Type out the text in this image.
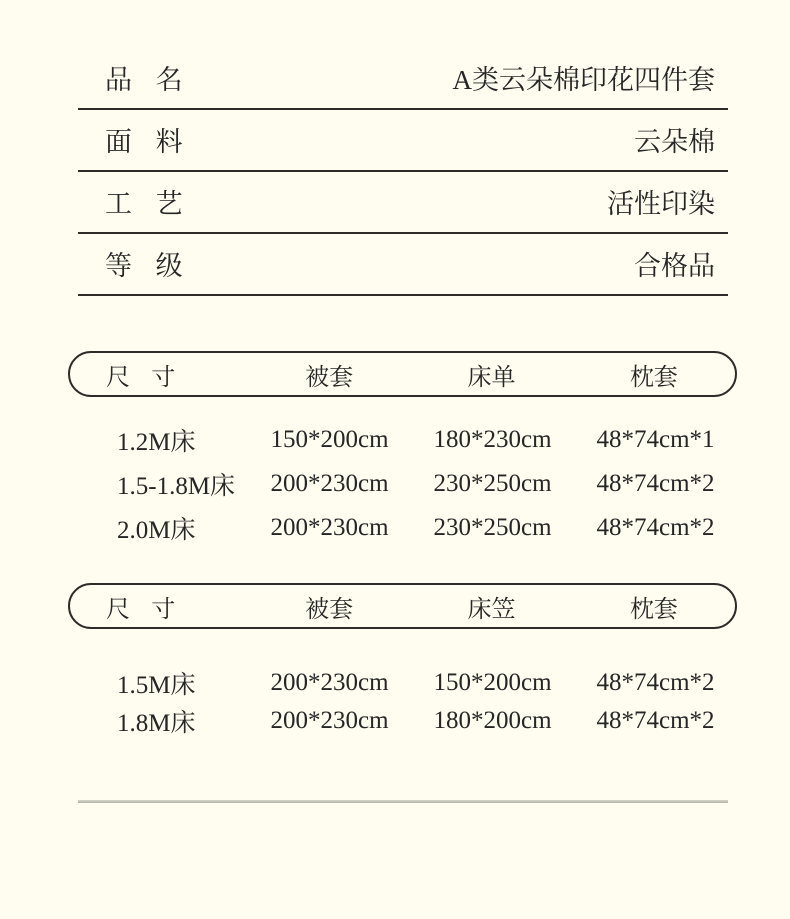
品 名	A类云朵棉印花四件套
面 料	云朵棉
工 艺	活性印染
等 级	合格品
尺 寸	被套	床单	枕套
1.2M床	150*200cm	180*230cm	48*74cm*1
1.5-1.8M床	200*230cm	230*250cm	48*74cm*2
2.0M床	200*230cm	230*250cm	48*74cm*2
尺 寸	被套	床笠	枕套
1.5M床	200*230cm	150*200cm	48*74cm*2
1.8M床	200*230cm	180*200cm	48*74cm*2
